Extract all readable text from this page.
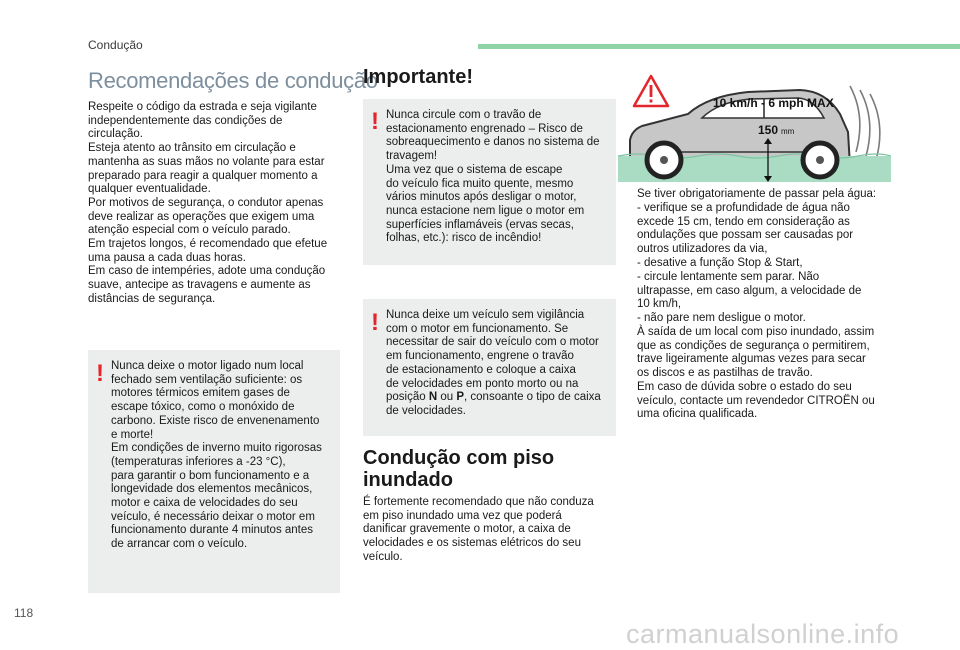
Condução
Recomendações de condução

Respeite o código da estrada e seja vigilante
independentemente das condições de
circulação.
Esteja atento ao trânsito em circulação e
mantenha as suas mãos no volante para estar
preparado para reagir a qualquer momento a
qualquer eventualidade.
Por motivos de segurança, o condutor apenas
deve realizar as operações que exigem uma
atenção especial com o veículo parado.
Em trajetos longos, é recomendado que efetue
uma pausa a cada duas horas.
Em caso de intempéries, adote uma condução
suave, antecipe as travagens e aumente as
distâncias de segurança.

! Nunca deixe o motor ligado num local
fechado sem ventilação suficiente: os
motores térmicos emitem gases de
escape tóxico, como o monóxido de
carbono. Existe risco de envenenamento
e morte!
Em condições de inverno muito rigorosas
(temperaturas inferiores a -23 °C),
para garantir o bom funcionamento e a
longevidade dos elementos mecânicos,
motor e caixa de velocidades do seu
veículo, é necessário deixar o motor em
funcionamento durante 4 minutos antes
de arrancar com o veículo.

Importante!
! Nunca circule com o travão de
estacionamento engrenado – Risco de
sobreaquecimento e danos no sistema de
travagem!
Uma vez que o sistema de escape
do veículo fica muito quente, mesmo
vários minutos após desligar o motor,
nunca estacione nem ligue o motor em
superfícies inflamáveis (ervas secas,
folhas, etc.): risco de incêndio!

! Nunca deixe um veículo sem vigilância
com o motor em funcionamento. Se
necessitar de sair do veículo com o motor
em funcionamento, engrene o travão
de estacionamento e coloque a caixa
de velocidades em ponto morto ou na
posição N ou P, consoante o tipo de caixa
de velocidades.

Condução com piso inundado

É fortemente recomendado que não conduza
em piso inundado uma vez que poderá
danificar gravemente o motor, a caixa de
velocidades e os sistemas elétricos do seu
veículo.

10 km/h - 6 mph MAX
150 mm

Se tiver obrigatoriamente de passar pela água:

- verifique se a profundidade de água não
excede 15 cm, tendo em consideração as
ondulações que possam ser causadas por
outros utilizadores da via,

- desative a função Stop & Start,

- circule lentamente sem parar. Não
ultrapasse, em caso algum, a velocidade de
10 km/h,

- não pare nem desligue o motor.

À saída de um local com piso inundado, assim
que as condições de segurança o permitirem,
trave ligeiramente algumas vezes para secar
os discos e as pastilhas de travão.
Em caso de dúvida sobre o estado do seu
veículo, contacte um revendedor CITROËN ou
uma oficina qualificada.

118
carmanualsonline.info
